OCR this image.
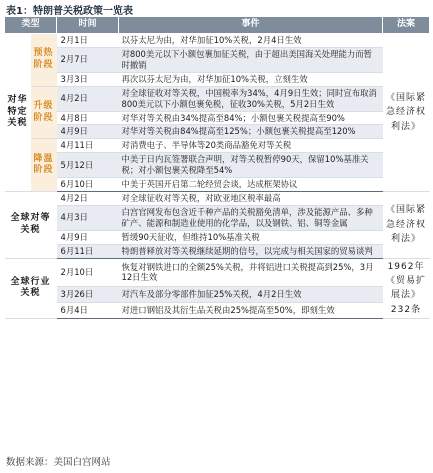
表1：特朗普关税政策一览表
类型		时间	事件	法案
对华特定关税	预热阶段	2月1日	以芬太尼为由，对华加征10%关税，2月4日生效	《国际紧急经济权利法》
		2月7日	对800美元以下小额包裹加征关税，由于超出美国海关处理能力而暂时撤销	
		3月3日	再次以芬太尼为由，对华加征10%关税，立刻生效	
	升级阶段	4月2日	对全球征收对等关税，中国税率为34%，4月9日生效；同时宣布取消800美元以下小额包裹免税，征收30%关税，5月2日生效	
		4月8日	对华对等关税由34%提高至84%；小额包裹关税提高至90%	
		4月9日	对华对等关税由84%提高至125%；小额包裹关税提高至120%	
	降温阶段	4月11日	对消费电子、半导体等20类商品豁免对等关税	
		5月12日	中美于日内瓦签署联合声明，对等关税暂停90天，保留10%基准关税；对小额包裹关税降至54%	
		6月10日	中美于英国开启第二轮经贸会谈，达成框架协议	
全球对等关税		4月2日	对全球征收对等关税，对欧亚地区税率最高	《国际紧急经济权利法》
		4月3日	白宫官网发布包含近千种产品的关税豁免清单，涉及能源产品、多种矿产、能源和制造业使用的化学品，以及钢铁、铝、铜等金属	
		4月9日	暂缓90天征收，但维持10%基准关税	
		6月11日	特朗普释放对等关税继续延期的信号，以完成与相关国家的贸易谈判	
全球行业关税		2月10日	恢复对钢铁进口的全额25%关税，并将铝进口关税提高到25%，3月12日生效	1962年《贸易扩展法》232条
		3月26日	对汽车及部分零部件加征25%关税，4月2日生效	
		6月4日	对进口钢铝及其衍生品关税由25%提高至50%，即刻生效	
数据来源：美国白宫网站
